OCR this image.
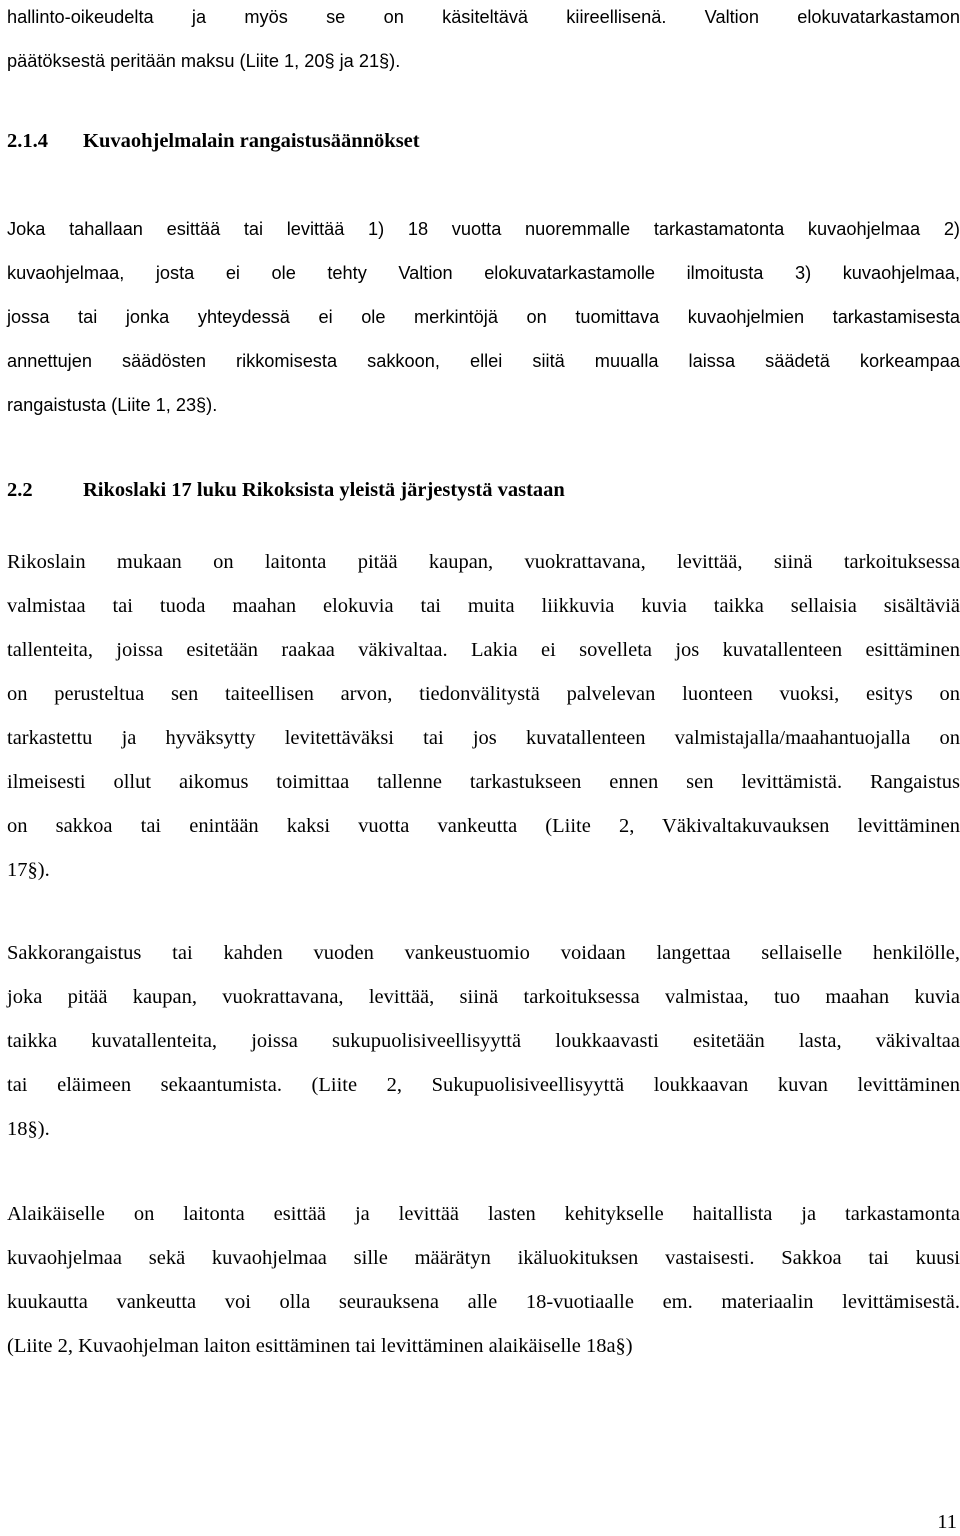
hallinto-oikeudelta ja myös se on käsiteltävä kiireellisenä. Valtion elokuvatarkastamon
päätöksestä peritään maksu (Liite 1, 20§ ja 21§).

2.1.4 Kuvaohjelmalain rangaistusäännökset

Joka tahallaan esittää tai levittää 1) 18 vuotta nuoremmalle tarkastamatonta kuvaohjelmaa 2)
kuvaohjelmaa, josta ei ole tehty Valtion elokuvatarkastamolle ilmoitusta 3) kuvaohjelmaa,
jossa tai jonka yhteydessä ei ole merkintöjä on tuomittava kuvaohjelmien tarkastamisesta
annettujen säädösten rikkomisesta sakkoon, ellei siitä muualla laissa säädetä korkeampaa
rangaistusta (Liite 1, 23§).

2.2 Rikoslaki 17 luku Rikoksista yleistä järjestystä vastaan

Rikoslain mukaan on laitonta pitää kaupan, vuokrattavana, levittää, siinä tarkoituksessa
valmistaa tai tuoda maahan elokuvia tai muita liikkuvia kuvia taikka sellaisia sisältäviä
tallenteita, joissa esitetään raakaa väkivaltaa. Lakia ei sovelleta jos kuvatallenteen esittäminen
on perusteltua sen taiteellisen arvon, tiedonvälitystä palvelevan luonteen vuoksi, esitys on
tarkastettu ja hyväksytty levitettäväksi tai jos kuvatallenteen valmistajalla/maahantuojalla on
ilmeisesti ollut aikomus toimittaa tallenne tarkastukseen ennen sen levittämistä. Rangaistus
on sakkoa tai enintään kaksi vuotta vankeutta (Liite 2, Väkivaltakuvauksen levittäminen
17§).

Sakkorangaistus tai kahden vuoden vankeustuomio voidaan langettaa sellaiselle henkilölle,
joka pitää kaupan, vuokrattavana, levittää, siinä tarkoituksessa valmistaa, tuo maahan kuvia
taikka kuvatallenteita, joissa sukupuolisiveellisyyttä loukkaavasti esitetään lasta, väkivaltaa
tai eläimeen sekaantumista. (Liite 2, Sukupuolisiveellisyyttä loukkaavan kuvan levittäminen
18§).

Alaikäiselle on laitonta esittää ja levittää lasten kehitykselle haitallista ja tarkastamonta
kuvaohjelmaa sekä kuvaohjelmaa sille määrätyn ikäluokituksen vastaisesti. Sakkoa tai kuusi
kuukautta vankeutta voi olla seurauksena alle 18-vuotiaalle em. materiaalin levittämisestä.
(Liite 2, Kuvaohjelman laiton esittäminen tai levittäminen alaikäiselle 18a§)

11
